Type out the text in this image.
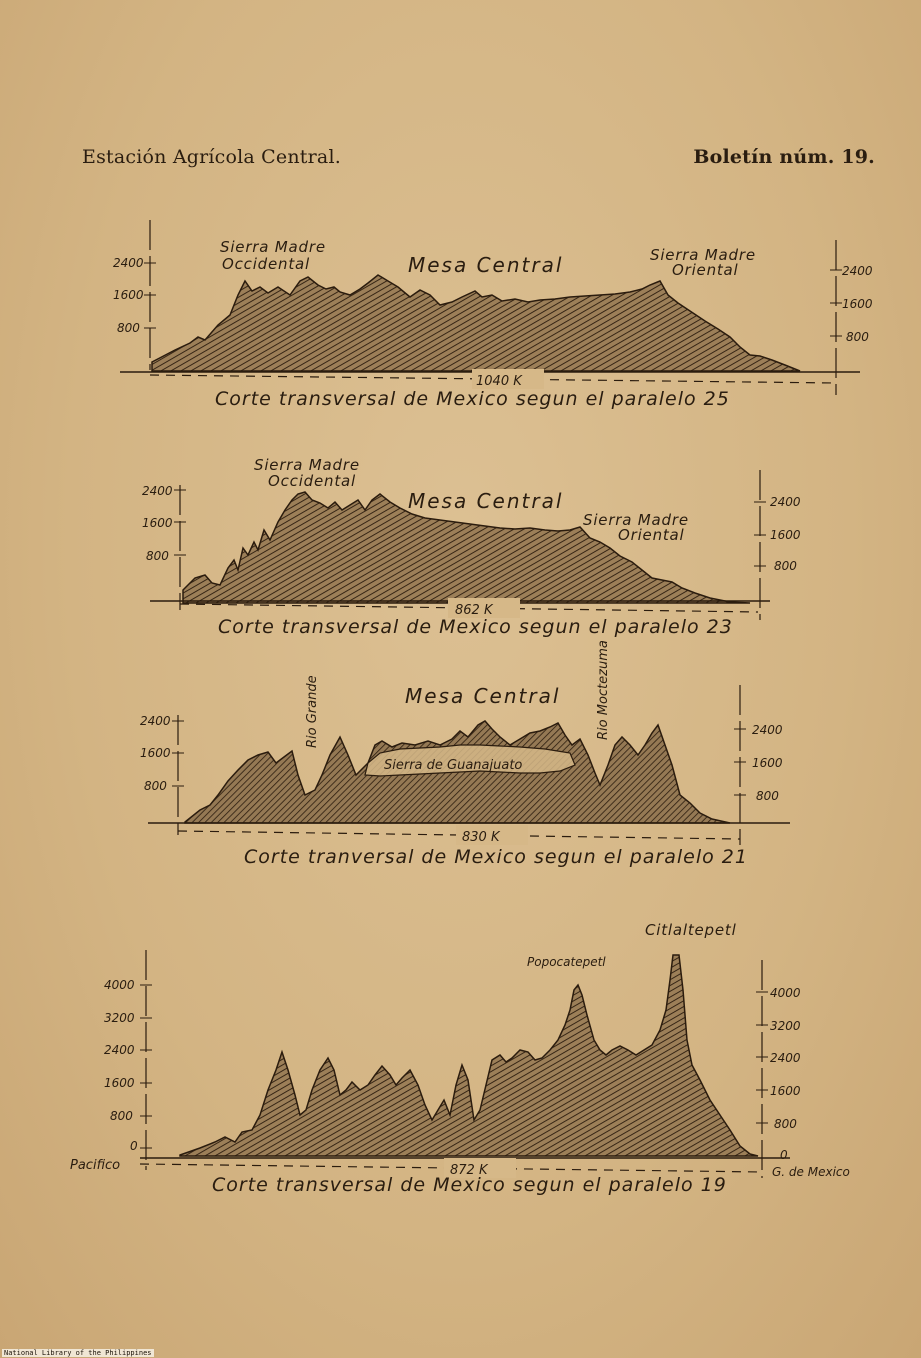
Estación Agrícola Central.	Boletín núm. 19.
2400
1600
800
2400
1600
800
Sierra Madre
Occidental	Mesa Central	Sierra Madre
Oriental
1040 K
Corte transversal de Mexico segun el paralelo 25
2400
1600
800
2400
1600
800
Sierra Madre
Occidental
Mesa Central
Sierra Madre
Oriental
862 K
Corte transversal de Mexico segun el paralelo 23
2400
1600
800
2400
1600
800
Mesa Central
Rio Grande	Rio Moctezuma
Sierra de Guanajuato
830 K
Corte tranversal de Mexico segun el paralelo 21
4000
3200
2400
1600
800
0
4000
3200
2400
1600
800
0
Citlaltepetl
Popocatepetl
Pacifico	G. de Mexico
872 K
Corte transversal de Mexico segun el paralelo 19
National Library of the Philippines
